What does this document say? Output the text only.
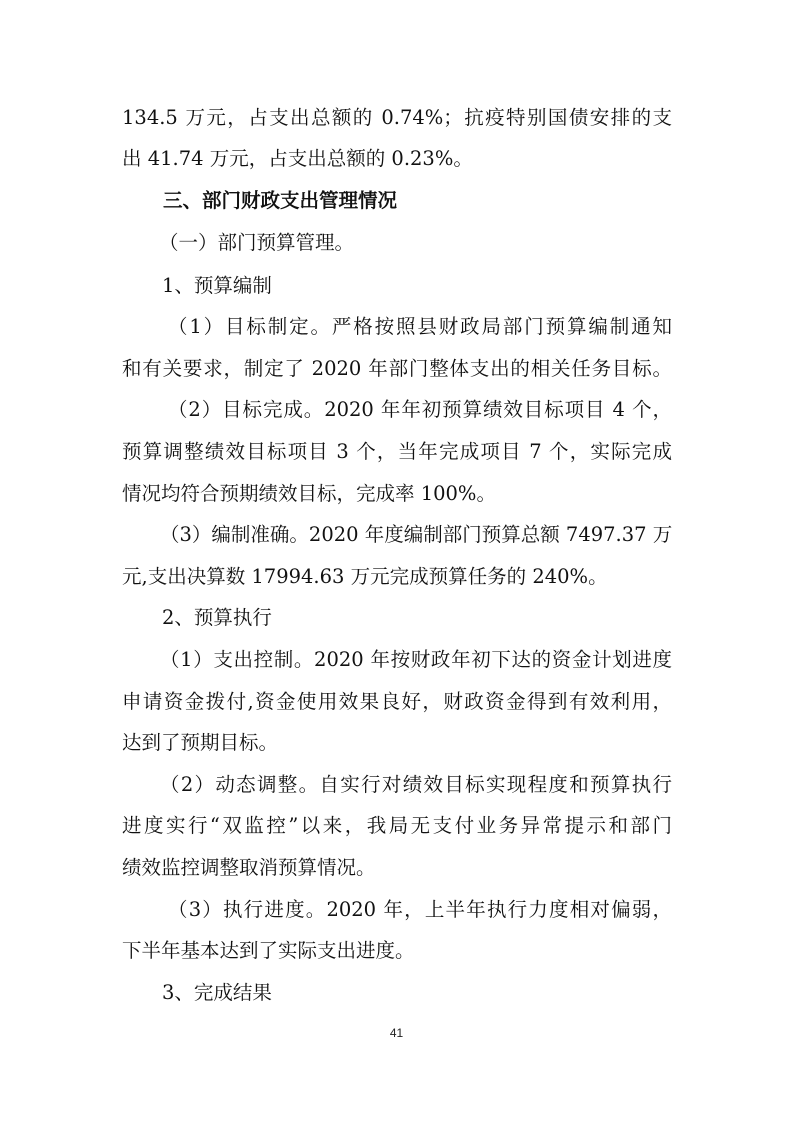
134.5 万元，占支出总额的 0.74%；抗疫特别国债安排的支
出 41.74 万元，占支出总额的 0.23%。
三、部门财政支出管理情况
（一）部门预算管理。
1、预算编制
（1）目标制定。严格按照县财政局部门预算编制通知
和有关要求，制定了 2020 年部门整体支出的相关任务目标。
（2）目标完成。2020 年年初预算绩效目标项目 4 个，
预算调整绩效目标项目 3 个，当年完成项目 7 个，实际完成
情况均符合预期绩效目标，完成率 100%。
（3）编制准确。2020 年度编制部门预算总额 7497.37 万
元,支出决算数 17994.63 万元完成预算任务的 240%。
2、预算执行
（1）支出控制。2020 年按财政年初下达的资金计划进度
申请资金拨付,资金使用效果良好，财政资金得到有效利用，
达到了预期目标。
（2）动态调整。自实行对绩效目标实现程度和预算执行
进度实行“双监控”以来，我局无支付业务异常提示和部门
绩效监控调整取消预算情况。
（3）执行进度。2020 年，上半年执行力度相对偏弱，
下半年基本达到了实际支出进度。
3、完成结果
41
